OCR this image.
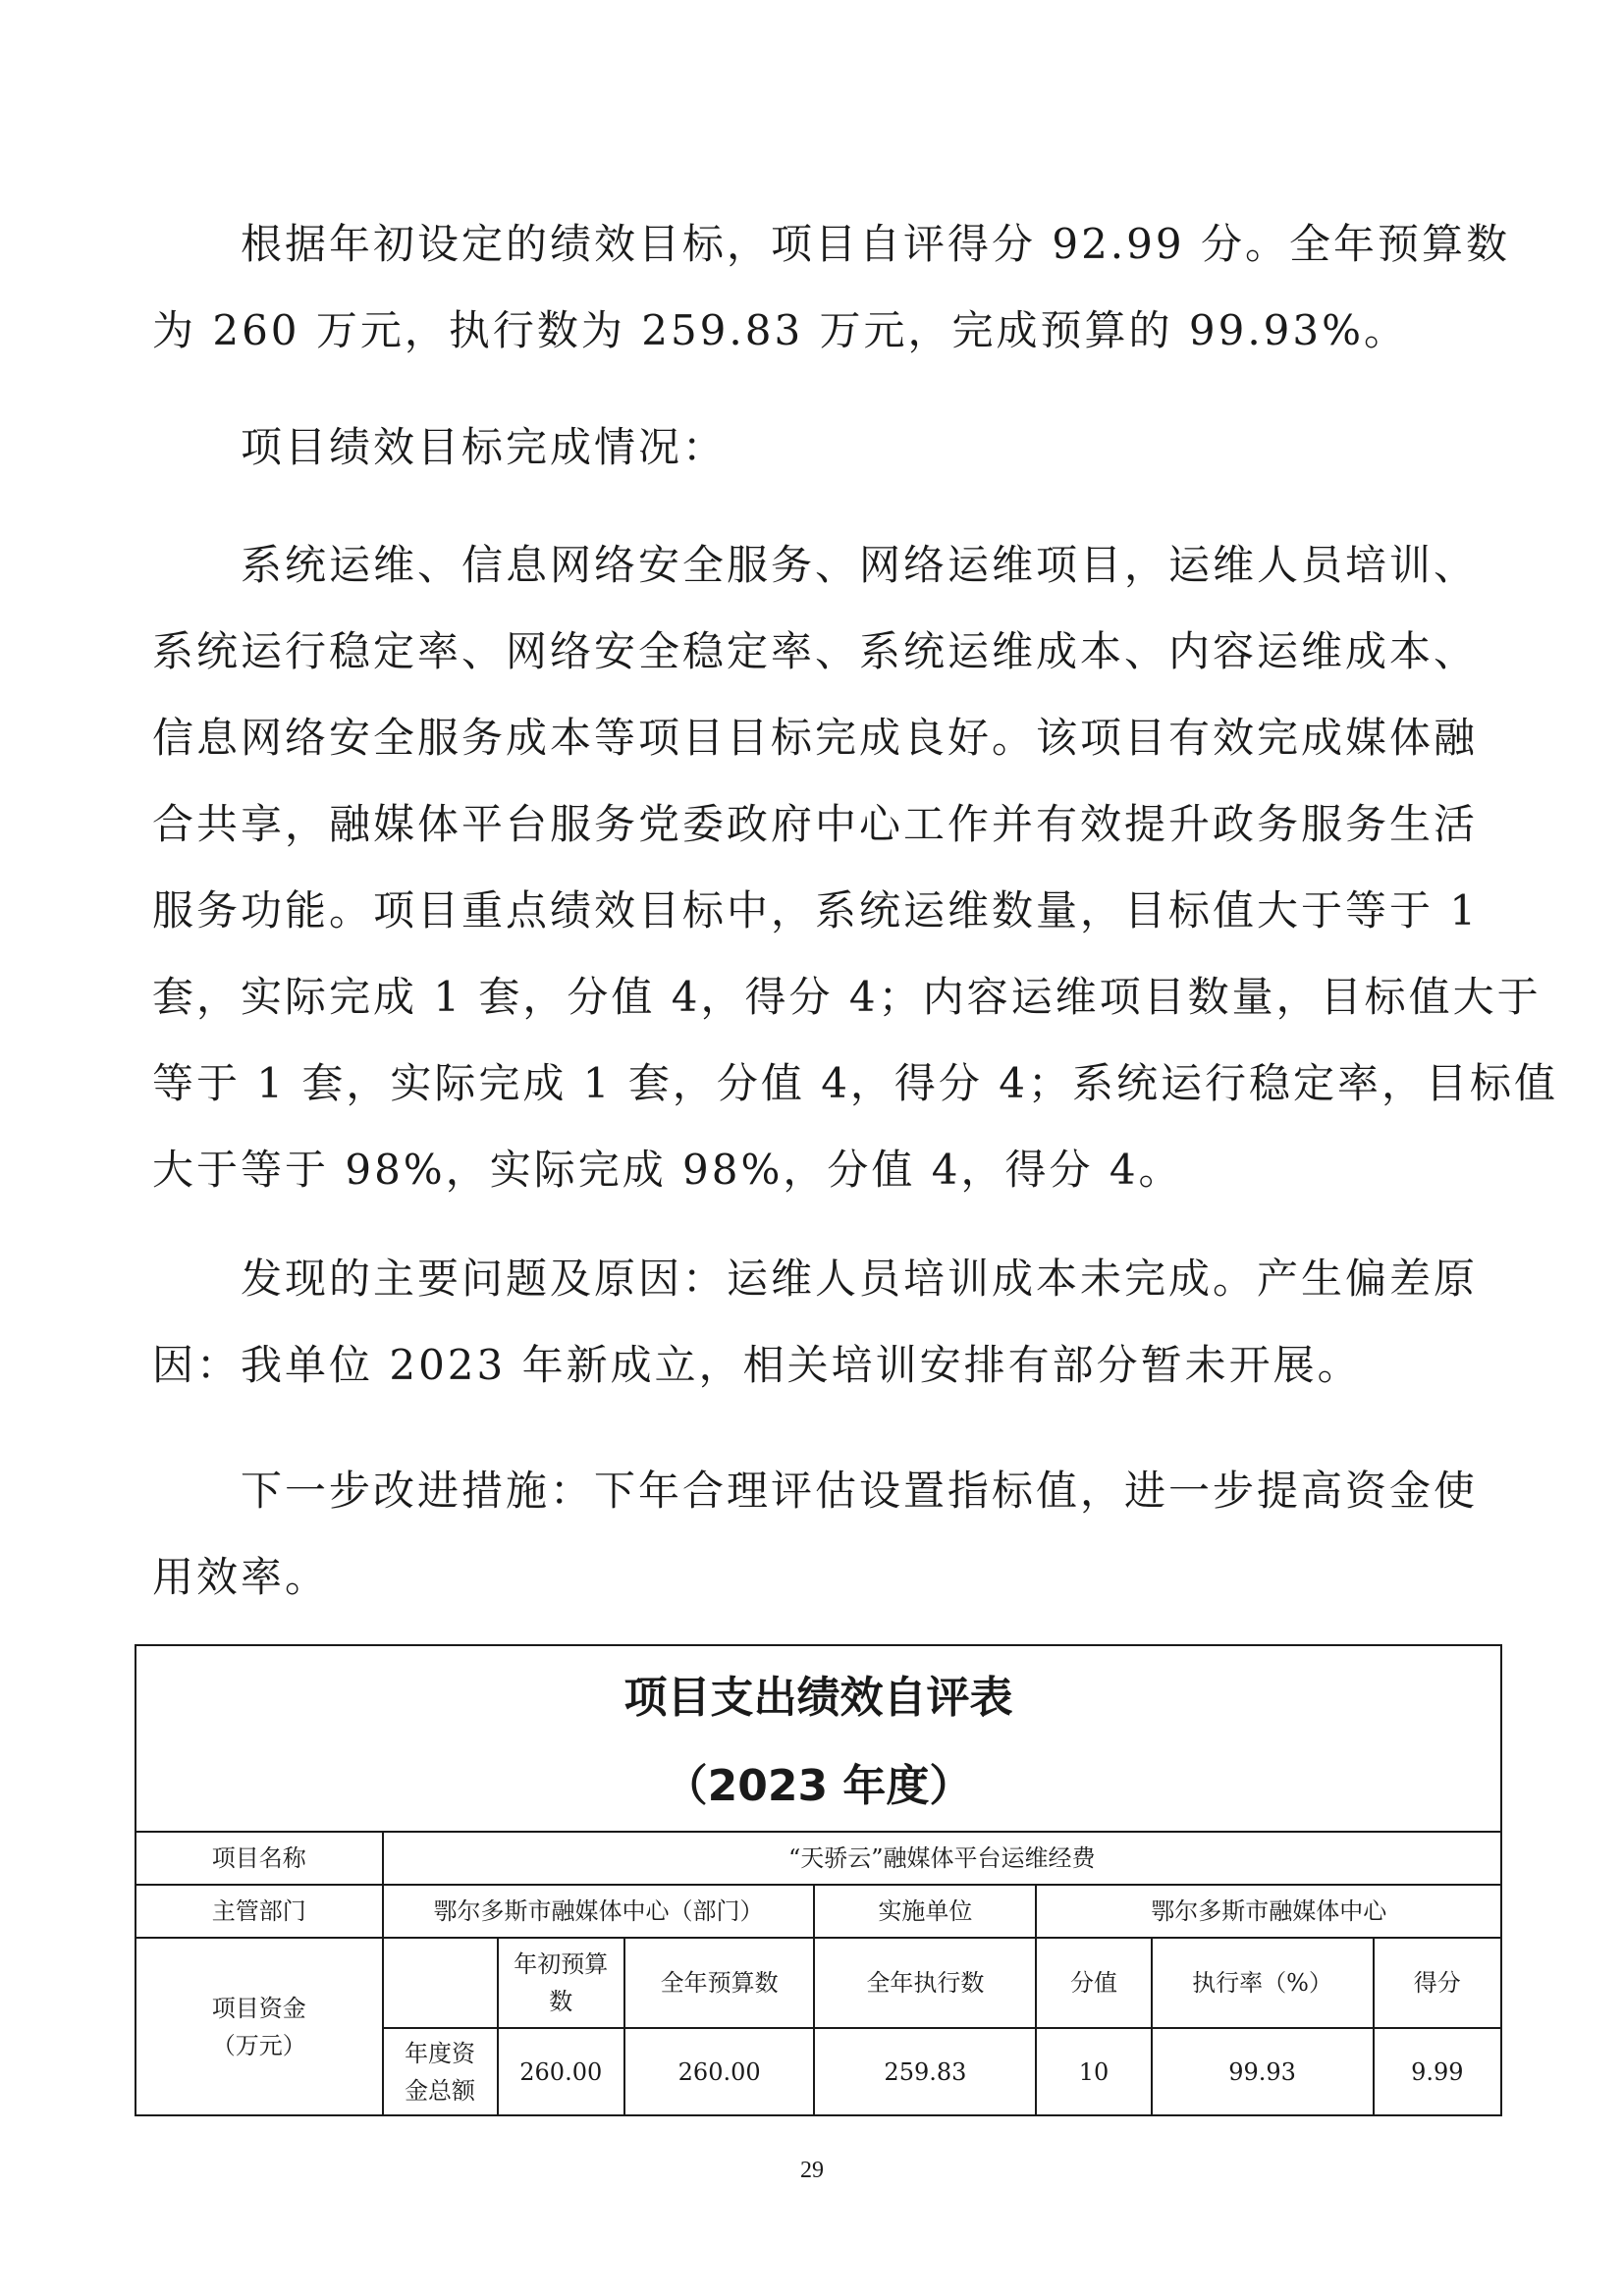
根据年初设定的绩效目标，项目自评得分 92.99 分。全年预算数
为 260 万元，执行数为 259.83 万元，完成预算的 99.93%。
项目绩效目标完成情况：
系统运维、信息网络安全服务、网络运维项目，运维人员培训、
系统运行稳定率、网络安全稳定率、系统运维成本、内容运维成本、
信息网络安全服务成本等项目目标完成良好。该项目有效完成媒体融
合共享，融媒体平台服务党委政府中心工作并有效提升政务服务生活
服务功能。项目重点绩效目标中，系统运维数量，目标值大于等于 1
套，实际完成 1 套，分值 4，得分 4；内容运维项目数量，目标值大于
等于 1 套，实际完成 1 套，分值 4，得分 4；系统运行稳定率，目标值
大于等于 98%，实际完成 98%，分值 4，得分 4。
发现的主要问题及原因：运维人员培训成本未完成。产生偏差原
因：我单位 2023 年新成立，相关培训安排有部分暂未开展。
下一步改进措施：下年合理评估设置指标值，进一步提高资金使
用效率。
项目支出绩效自评表
（2023 年度）							

项目名称	“天骄云”融媒体平台运维经费						
主管部门	鄂尔多斯市融媒体中心（部门）			实施单位	鄂尔多斯市融媒体中心		

项目资金
（万元）		年初预算数	全年预算数	全年执行数	分值	执行率（%）	得分
	年度资金总额	260.00	260.00	259.83	10	99.93	9.99
29
